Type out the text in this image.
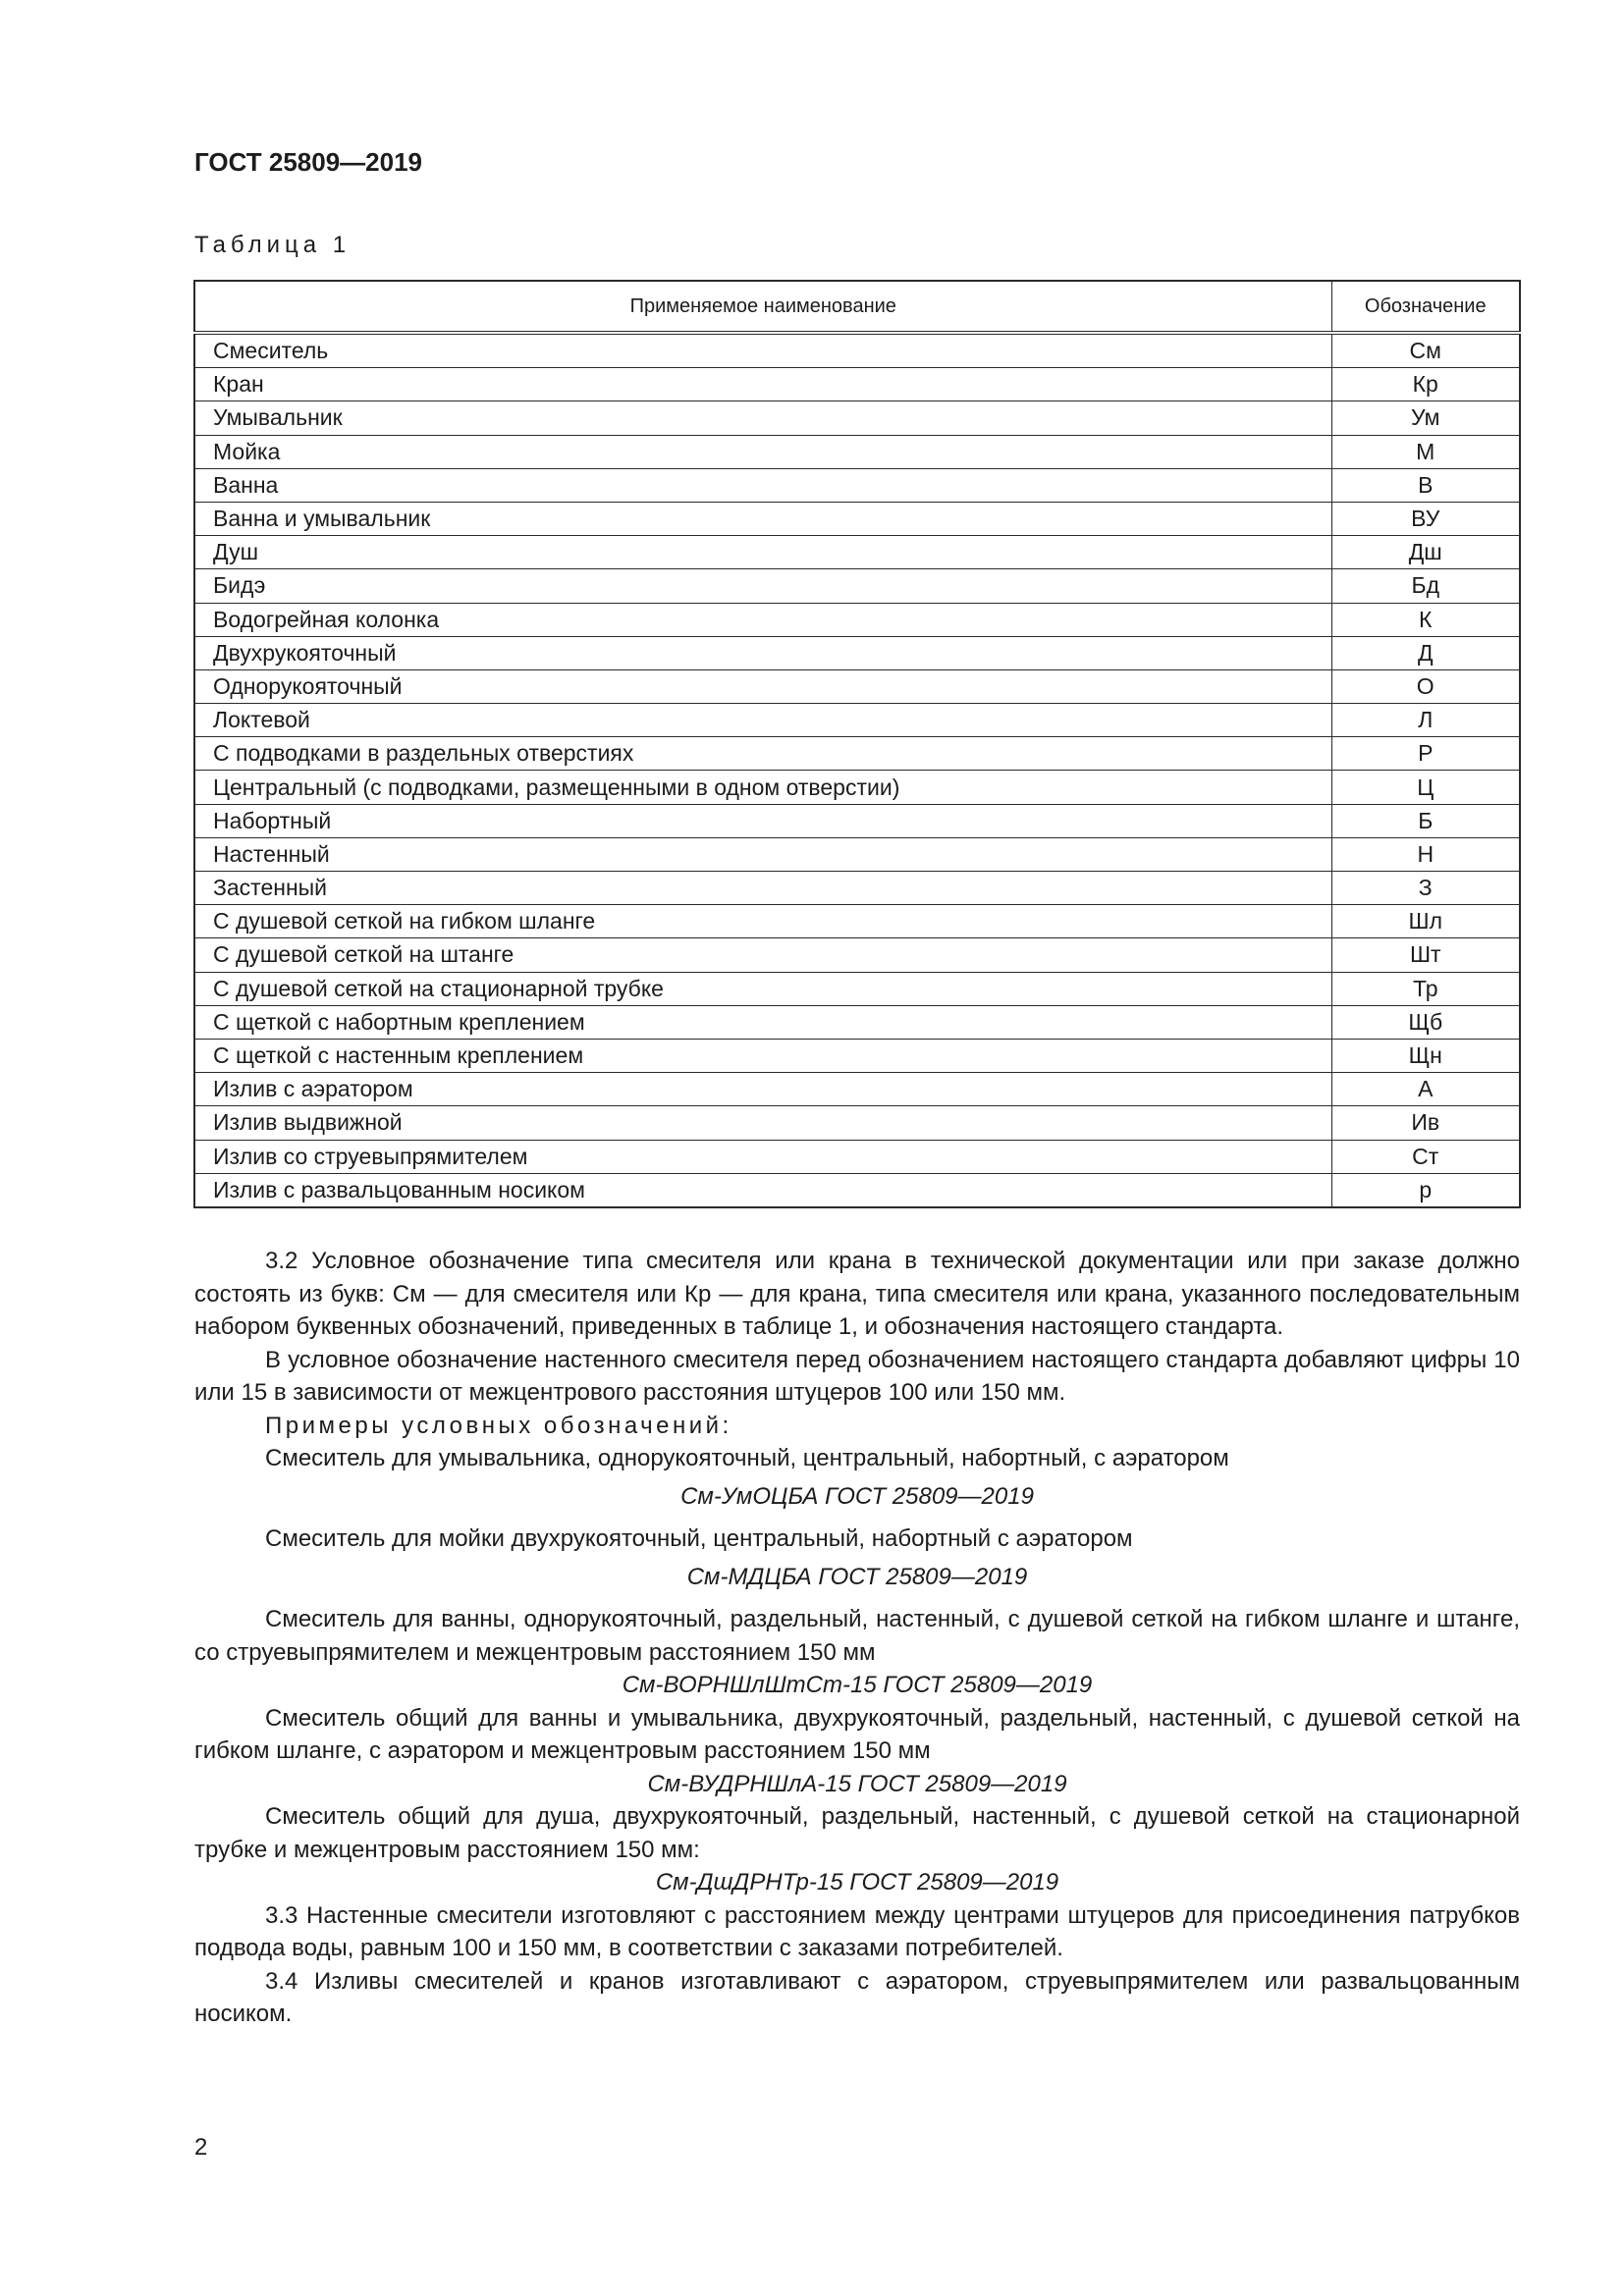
ГОСТ 25809—2019
Таблица 1
Применяемое наименование	Обозначение
Смеситель	См
Кран	Кр
Умывальник	Ум
Мойка	М
Ванна	В
Ванна и умывальник	ВУ
Душ	Дш
Бидэ	Бд
Водогрейная колонка	К
Двухрукояточный	Д
Однорукояточный	О
Локтевой	Л
С подводками в раздельных отверстиях	Р
Центральный (с подводками, размещенными в одном отверстии)	Ц
Набортный	Б
Настенный	Н
Застенный	З
С душевой сеткой на гибком шланге	Шл
С душевой сеткой на штанге	Шт
С душевой сеткой на стационарной трубке	Тр
С щеткой с набортным креплением	Щб
С щеткой с настенным креплением	Щн
Излив с аэратором	А
Излив выдвижной	Ив
Излив со струевыпрямителем	Ст
Излив с развальцованным носиком	р

3.2 Условное обозначение типа смесителя или крана в технической документации или при заказе должно состоять из букв: См — для смесителя или Кр — для крана, типа смесителя или крана, указанного последовательным набором буквенных обозначений, приведенных в таблице 1, и обозначения настоящего стандарта.

В условное обозначение настенного смесителя перед обозначением настоящего стандарта добавляют цифры 10 или 15 в зависимости от межцентрового расстояния штуцеров 100 или 150 мм.

Примеры условных обозначений:

Смеситель для умывальника, однорукояточный, центральный, набортный, с аэратором

См-УмОЦБА ГОСТ 25809—2019

Смеситель для мойки двухрукояточный, центральный, набортный с аэратором

См-МДЦБА ГОСТ 25809—2019

Смеситель для ванны, однорукояточный, раздельный, настенный, с душевой сеткой на гибком шланге и штанге, со струевыпрямителем и межцентровым расстоянием 150 мм

См-ВОРНШлШтСт-15 ГОСТ 25809—2019

Смеситель общий для ванны и умывальника, двухрукояточный, раздельный, настенный, с душевой сеткой на гибком шланге, с аэратором и межцентровым расстоянием 150 мм

См-ВУДРНШлА-15 ГОСТ 25809—2019

Смеситель общий для душа, двухрукояточный, раздельный, настенный, с душевой сеткой на стационарной трубке и межцентровым расстоянием 150 мм:

См-ДшДРНТр-15 ГОСТ 25809—2019

3.3 Настенные смесители изготовляют с расстоянием между центрами штуцеров для присоединения патрубков подвода воды, равным 100 и 150 мм, в соответствии с заказами потребителей.

3.4 Изливы смесителей и кранов изготавливают с аэратором, струевыпрямителем или развальцованным носиком.

2
